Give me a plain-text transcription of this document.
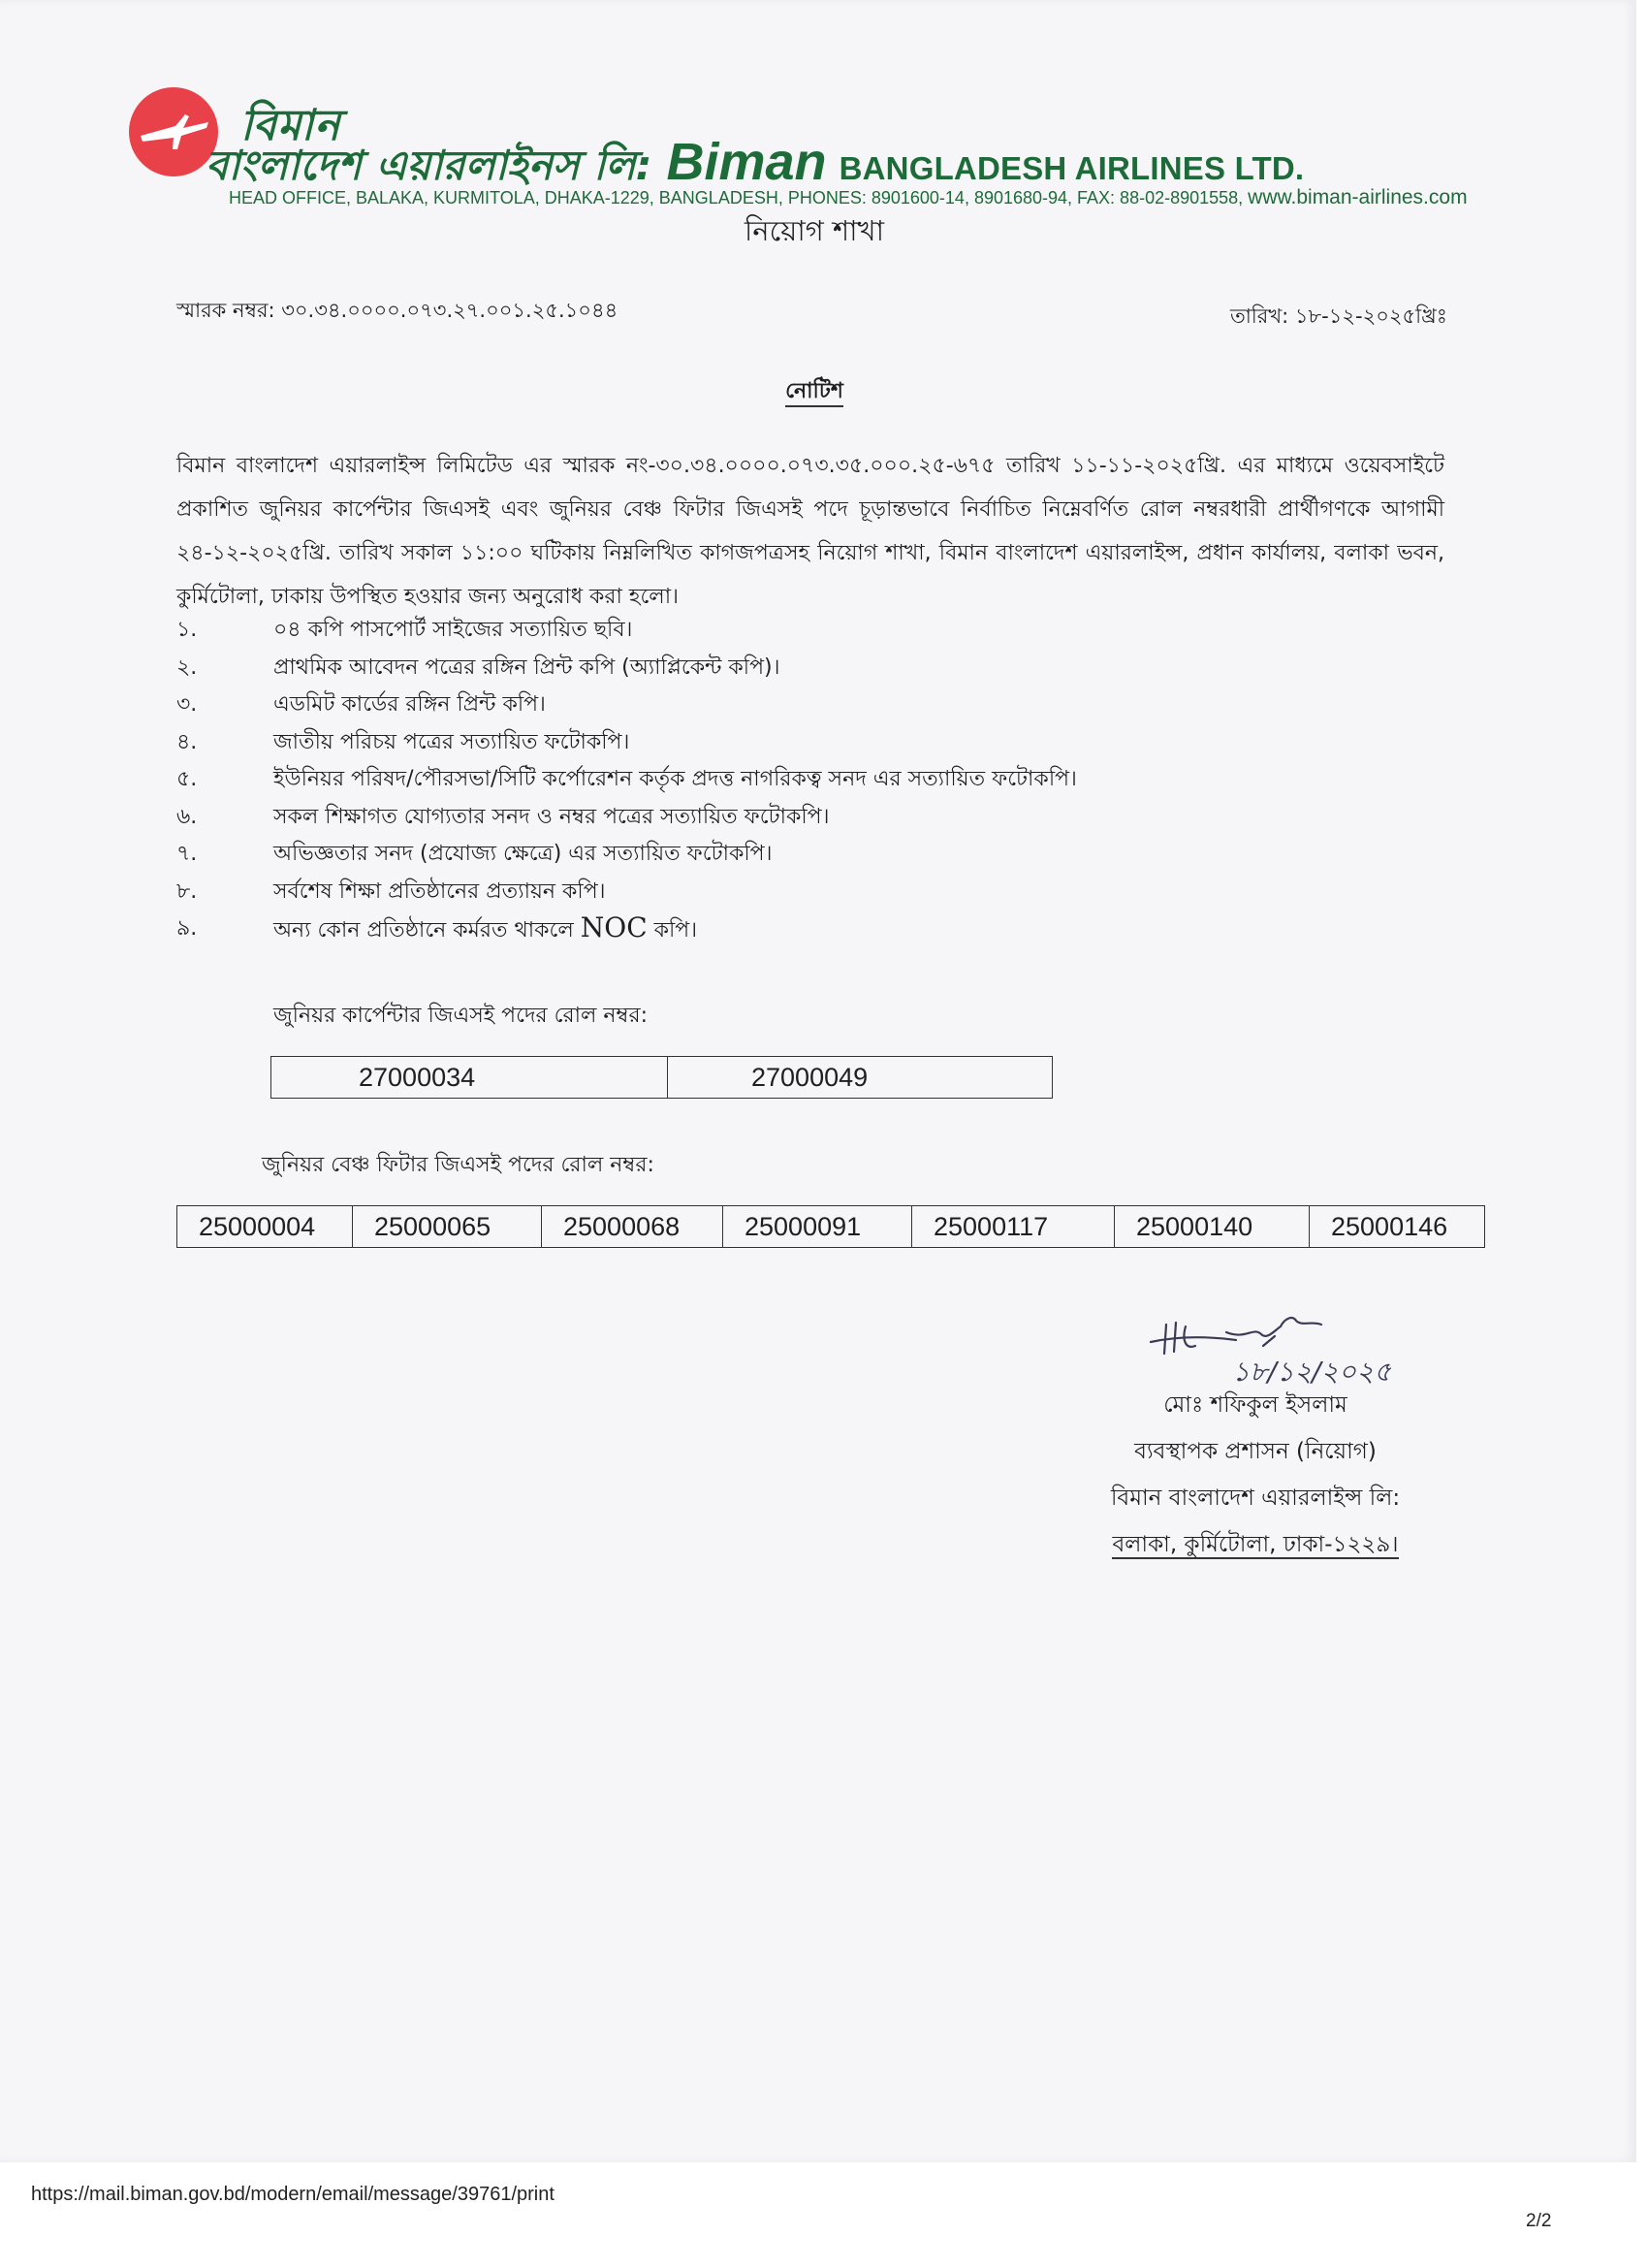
বিমান
বাংলাদেশ এয়ারলাইনস লি: Biman BANGLADESH AIRLINES LTD.
HEAD OFFICE, BALAKA, KURMITOLA, DHAKA-1229, BANGLADESH, PHONES: 8901600-14, 8901680-94, FAX: 88-02-8901558, www.biman-airlines.com
নিয়োগ শাখা
স্মারক নম্বর: ৩০.৩৪.০০০০.০৭৩.২৭.০০১.২৫.১০৪৪	তারিখ: ১৮-১২-২০২৫খ্রিঃ
নোটিশ
বিমান বাংলাদেশ এয়ারলাইন্স লিমিটেড এর স্মারক নং-৩০.৩৪.০০০০.০৭৩.৩৫.০০০.২৫-৬৭৫ তারিখ ১১-১১-২০২৫খ্রি. এর মাধ্যমে ওয়েবসাইটে প্রকাশিত জুনিয়র কার্পেন্টার জিএসই এবং জুনিয়র বেঞ্চ ফিটার জিএসই পদে চূড়ান্তভাবে নির্বাচিত নিম্নেবর্ণিত রোল নম্বরধারী প্রার্থীগণকে আগামী ২৪-১২-২০২৫খ্রি. তারিখ সকাল ১১:০০ ঘটিকায় নিম্নলিখিত কাগজপত্রসহ নিয়োগ শাখা, বিমান বাংলাদেশ এয়ারলাইন্স, প্রধান কার্যালয়, বলাকা ভবন, কুর্মিটোলা, ঢাকায় উপস্থিত হওয়ার জন্য অনুরোধ করা হলো।
১.	০৪ কপি পাসপোর্ট সাইজের সত্যায়িত ছবি।
২.	প্রাথমিক আবেদন পত্রের রঙ্গিন প্রিন্ট কপি (অ্যাপ্লিকেন্ট কপি)।
৩.	এডমিট কার্ডের রঙ্গিন প্রিন্ট কপি।
৪.	জাতীয় পরিচয় পত্রের সত্যায়িত ফটোকপি।
৫.	ইউনিয়র পরিষদ/পৌরসভা/সিটি কর্পোরেশন কর্তৃক প্রদত্ত নাগরিকত্ব সনদ এর সত্যায়িত ফটোকপি।
৬.	সকল শিক্ষাগত যোগ্যতার সনদ ও নম্বর পত্রের সত্যায়িত ফটোকপি।
৭.	অভিজ্ঞতার সনদ (প্রযোজ্য ক্ষেত্রে) এর সত্যায়িত ফটোকপি।
৮.	সর্বশেষ শিক্ষা প্রতিষ্ঠানের প্রত্যায়ন কপি।
৯.	অন্য কোন প্রতিষ্ঠানে কর্মরত থাকলে NOC কপি।
জুনিয়র কার্পেন্টার জিএসই পদের রোল নম্বর:
27000034	27000049
জুনিয়র বেঞ্চ ফিটার জিএসই পদের রোল নম্বর:
25000004	25000065	25000068	25000091	25000117	25000140	25000146
১৮/১২/২০২৫
মোঃ শফিকুল ইসলাম
ব্যবস্থাপক প্রশাসন (নিয়োগ)
বিমান বাংলাদেশ এয়ারলাইন্স লি:
বলাকা, কুর্মিটোলা, ঢাকা-১২২৯।
https://mail.biman.gov.bd/modern/email/message/39761/print
2/2
